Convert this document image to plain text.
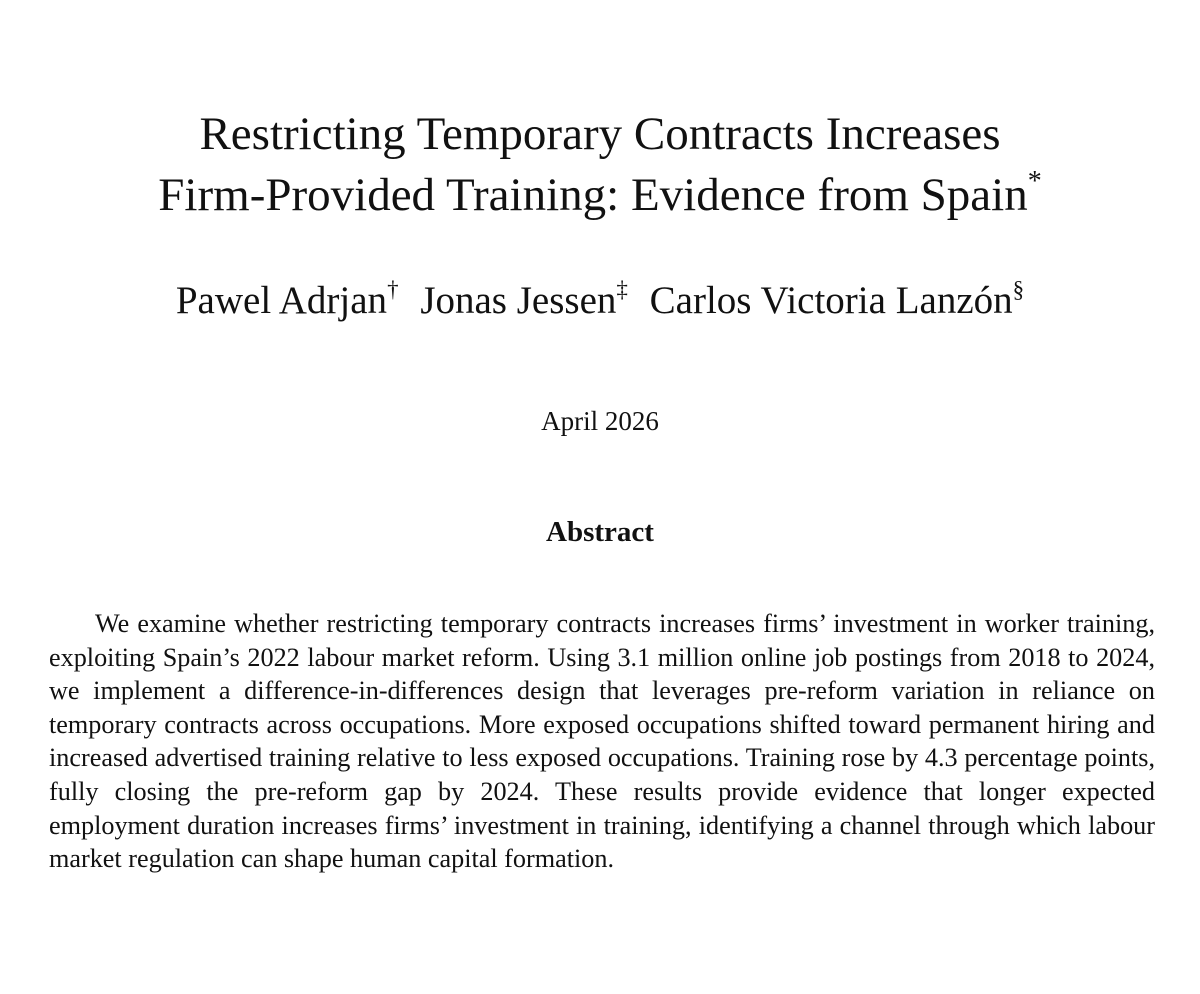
Restricting Temporary Contracts Increases
Firm-Provided Training: Evidence from Spain*
Pawel Adrjan† Jonas Jessen‡ Carlos Victoria Lanzón§
April 2026
Abstract

We examine whether restricting temporary contracts increases firms’ investment in worker training, exploiting Spain’s 2022 labour market reform. Using 3.1 million online job postings from 2018 to 2024, we implement a difference-in-differences design that leverages pre-reform variation in reliance on temporary contracts across occupations. More exposed occupations shifted toward permanent hiring and increased advertised training relative to less exposed occupations. Training rose by 4.3 percentage points, fully closing the pre-reform gap by 2024. These results provide evidence that longer expected employment duration increases firms’ investment in training, identifying a channel through which labour market regulation can shape human capital formation.
